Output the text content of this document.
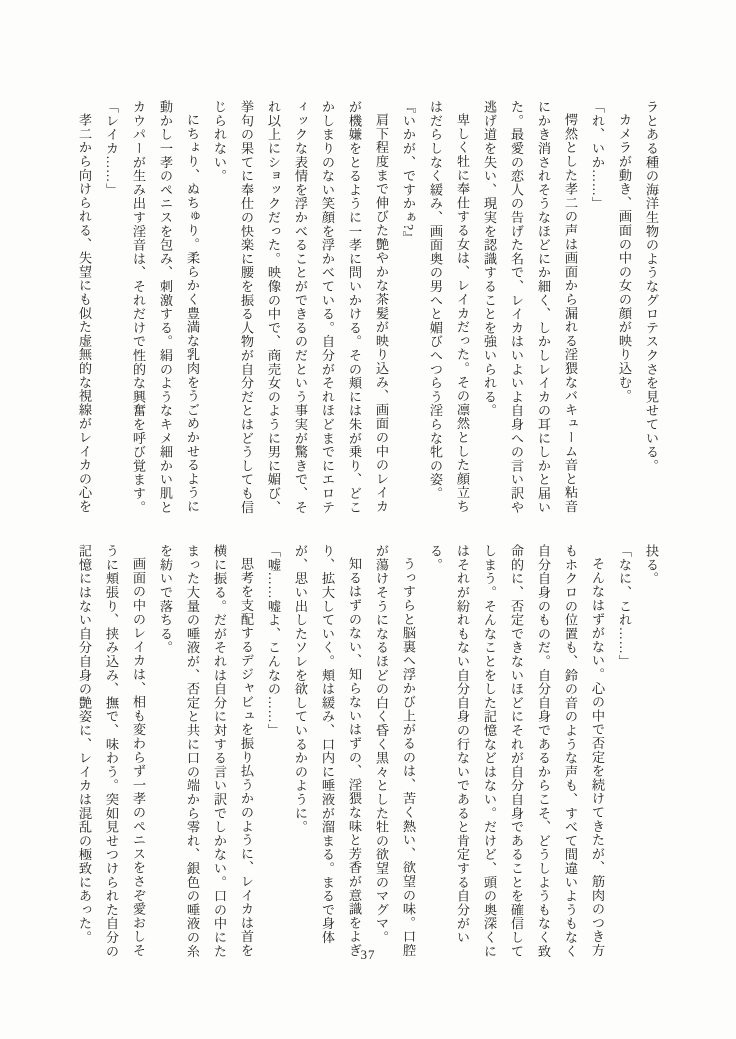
ラとある種の海洋生物のようなグロテスクさを見せている。
カメラが動き、画面の中の女の顔が映り込む。
「れ、いか……」
愕然とした孝二の声は画面から漏れる淫猥なバキューム音と粘音
にかき消されそうなほどにか細く、しかしレイカの耳にしかと届い
た。最愛の恋人の告げた名で、レイカはいよいよ自身への言い訳や
逃げ道を失い、現実を認識することを強いられる。
卑しく牡に奉仕する女は、レイカだった。その凛然とした顔立ち
はだらしなく緩み、画面奥の男へと媚びへつらう淫らな牝の姿。
『いかが、ですかぁ?』
肩下程度まで伸びた艶やかな茶髪が映り込み、画面の中のレイカ
が機嫌をとるように一孝に問いかける。その頬には朱が乗り、どこ
かしまりのない笑顔を浮かべている。自分がそれほどまでにエロテ
ィックな表情を浮かべることができるのだという事実が驚きで、そ
れ以上にショックだった。映像の中で、商売女のように男に媚び、
挙句の果てに奉仕の快楽に腰を振る人物が自分だとはどうしても信
じられない。
にちょり、ぬちゅり。柔らかく豊満な乳肉をうごめかせるように
動かし一孝のペニスを包み、刺激する。絹のようなキメ細かい肌と
カウパーが生み出す淫音は、それだけで性的な興奮を呼び覚ます。
「レイカ……」
孝二から向けられる、失望にも似た虚無的な視線がレイカの心を
抉る。
「なに、これ……」
そんなはずがない。心の中で否定を続けてきたが、筋肉のつき方
もホクロの位置も、鈴の音のような声も、すべて間違いようもなく
自分自身のものだ。自分自身であるからこそ、どうしようもなく致
命的に、否定できないほどにそれが自分自身であることを確信して
しまう。そんなことをした記憶などはない。だけど、頭の奥深くに
はそれが紛れもない自分自身の行ないであると肯定する自分がい
る。
うっすらと脳裏へ浮かび上がるのは、苦く熱い、欲望の味。口腔
が蕩けそうになるほどの白く昏く黒々とした牡の欲望のマグマ。
知るはずのない、知らないはずの、淫猥な味と芳香が意識をよぎ
り、拡大していく。頬は緩み、口内に唾液が溜まる。まるで身体
が、思い出したソレを欲しているかのように。
「嘘……嘘よ、こんなの……」
思考を支配するデジャビュを振り払うかのように、レイカは首を
横に振る。だがそれは自分に対する言い訳でしかない。口の中にた
まった大量の唾液が、否定と共に口の端から零れ、銀色の唾液の糸
を紡いで落ちる。
画面の中のレイカは、相も変わらず一孝のペニスをさぞ愛おしそ
うに頬張り、挟み込み、撫で、味わう。突如見せつけられた自分の
記憶にはない自分自身の艶姿に、レイカは混乱の極致にあった。
37
